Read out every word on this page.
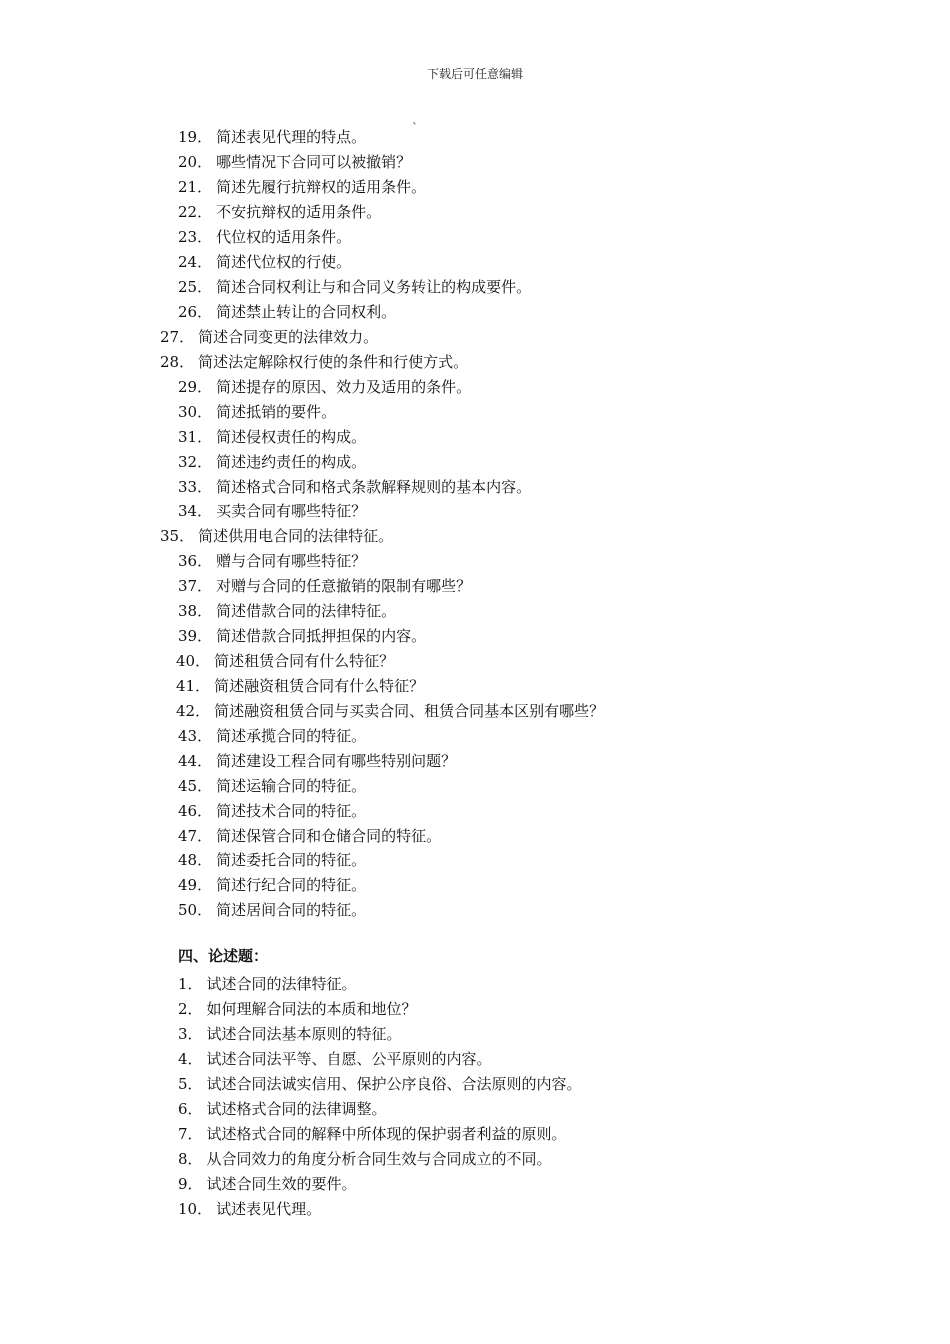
下载后可任意编辑
`
19． 简述表见代理的特点。
20． 哪些情况下合同可以被撤销？
21． 简述先履行抗辩权的适用条件。
22． 不安抗辩权的适用条件。
23． 代位权的适用条件。
24． 简述代位权的行使。
25． 简述合同权利让与和合同义务转让的构成要件。
26． 简述禁止转让的合同权利。
27． 简述合同变更的法律效力。
28． 简述法定解除权行使的条件和行使方式。
29． 简述提存的原因、效力及适用的条件。
30． 简述抵销的要件。
31． 简述侵权责任的构成。
32． 简述违约责任的构成。
33． 简述格式合同和格式条款解释规则的基本内容。
34． 买卖合同有哪些特征？
35． 简述供用电合同的法律特征。
36． 赠与合同有哪些特征？
37． 对赠与合同的任意撤销的限制有哪些？
38． 简述借款合同的法律特征。
39． 简述借款合同抵押担保的内容。
40． 简述租赁合同有什么特征？
41． 简述融资租赁合同有什么特征？
42． 简述融资租赁合同与买卖合同、租赁合同基本区别有哪些？
43． 简述承揽合同的特征。
44． 简述建设工程合同有哪些特别问题？
45． 简述运输合同的特征。
46． 简述技术合同的特征。
47． 简述保管合同和仓储合同的特征。
48． 简述委托合同的特征。
49． 简述行纪合同的特征。
50． 简述居间合同的特征。
四、论述题：
1． 试述合同的法律特征。
2． 如何理解合同法的本质和地位？
3． 试述合同法基本原则的特征。
4． 试述合同法平等、自愿、公平原则的内容。
5． 试述合同法诚实信用、保护公序良俗、合法原则的内容。
6． 试述格式合同的法律调整。
7． 试述格式合同的解释中所体现的保护弱者利益的原则。
8． 从合同效力的角度分析合同生效与合同成立的不同。
9． 试述合同生效的要件。
10． 试述表见代理。
